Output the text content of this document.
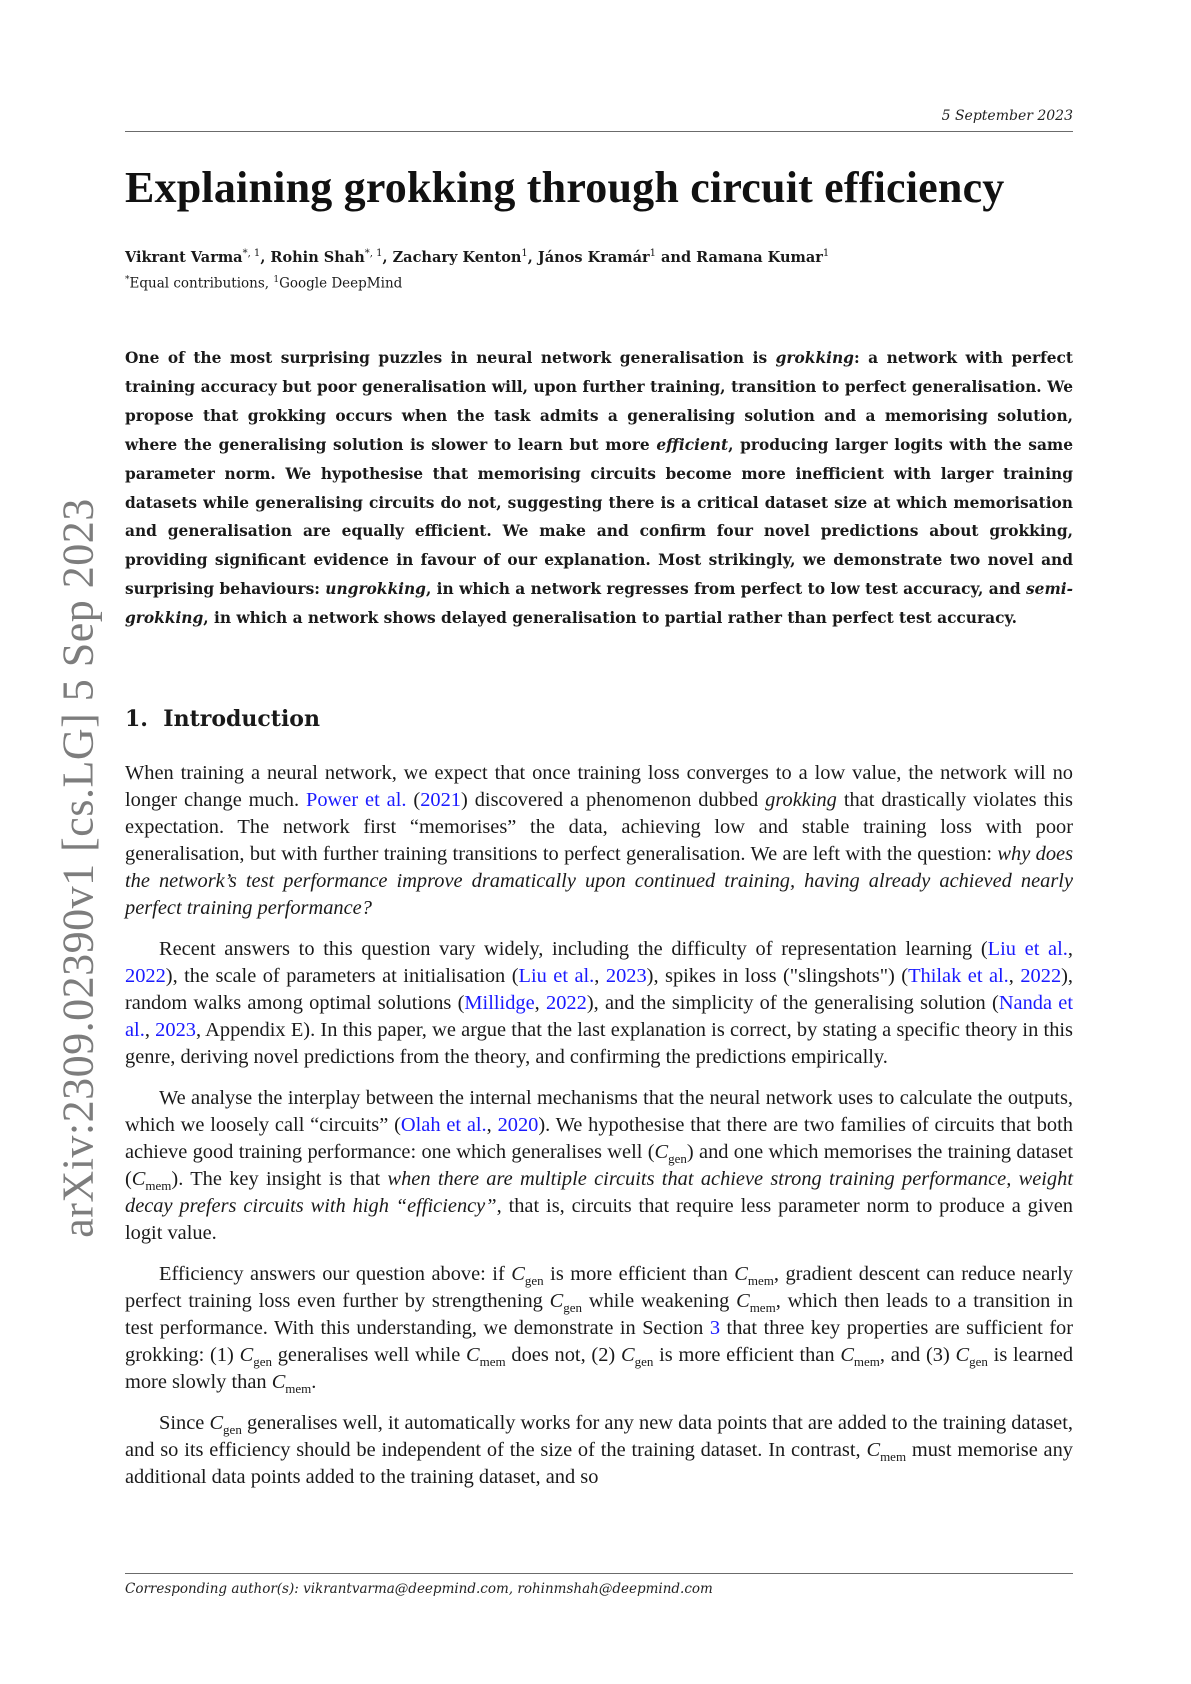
5 September 2023
arXiv:2309.02390v1 [cs.LG] 5 Sep 2023
Explaining grokking through circuit efficiency
Vikrant Varma$^{*, 1}$, Rohin Shah$^{*, 1}$, Zachary Kenton$^1$, János Kramár$^1$ and Ramana Kumar$^1$
*Equal contributions, $^1$Google DeepMind

One of the most surprising puzzles in neural network generalisation is grokking: a network with perfect training accuracy but poor generalisation will, upon further training, transition to perfect generalisation. We propose that grokking occurs when the task admits a generalising solution and a memorising solution, where the generalising solution is slower to learn but more efficient, producing larger logits with the same parameter norm. We hypothesise that memorising circuits become more inefficient with larger training datasets while generalising circuits do not, suggesting there is a critical dataset size at which memorisation and generalisation are equally efficient. We make and confirm four novel predictions about grokking, providing significant evidence in favour of our explanation. Most strikingly, we demonstrate two novel and surprising behaviours: ungrokking, in which a network regresses from perfect to low test accuracy, and semi-grokking, in which a network shows delayed generalisation to partial rather than perfect test accuracy.

1. Introduction

When training a neural network, we expect that once training loss converges to a low value, the network will no longer change much. Power et al. (2021) discovered a phenomenon dubbed grokking that drastically violates this expectation. The network first “memorises” the data, achieving low and stable training loss with poor generalisation, but with further training transitions to perfect generalisation. We are left with the question: why does the network’s test performance improve dramatically upon continued training, having already achieved nearly perfect training performance?

Recent answers to this question vary widely, including the difficulty of representation learning (Liu et al., 2022), the scale of parameters at initialisation (Liu et al., 2023), spikes in loss ("slingshots") (Thilak et al., 2022), random walks among optimal solutions (Millidge, 2022), and the simplicity of the generalising solution (Nanda et al., 2023, Appendix E). In this paper, we argue that the last explanation is correct, by stating a specific theory in this genre, deriving novel predictions from the theory, and confirming the predictions empirically.

We analyse the interplay between the internal mechanisms that the neural network uses to calculate the outputs, which we loosely call “circuits” (Olah et al., 2020). We hypothesise that there are two families of circuits that both achieve good training performance: one which generalises well $(C_{gen})$ and one which memorises the training dataset $(C_{mem})$. The key insight is that when there are multiple circuits that achieve strong training performance, weight decay prefers circuits with high “efficiency”, that is, circuits that require less parameter norm to produce a given logit value.

Efficiency answers our question above: if $C_{gen}$ is more efficient than $C_{mem}$, gradient descent can reduce nearly perfect training loss even further by strengthening $C_{gen}$ while weakening $C_{mem}$, which then leads to a transition in test performance. With this understanding, we demonstrate in Section 3 that three key properties are sufficient for grokking: (1) $C_{gen}$ generalises well while $C_{mem}$ does not, (2) $C_{gen}$ is more efficient than $C_{mem}$, and (3) $C_{gen}$ is learned more slowly than $C_{mem}$.

Since $C_{gen}$ generalises well, it automatically works for any new data points that are added to the training dataset, and so its efficiency should be independent of the size of the training dataset. In contrast, $C_{mem}$ must memorise any additional data points added to the training dataset, and so

Corresponding author(s): vikrantvarma@deepmind.com, rohinmshah@deepmind.com
